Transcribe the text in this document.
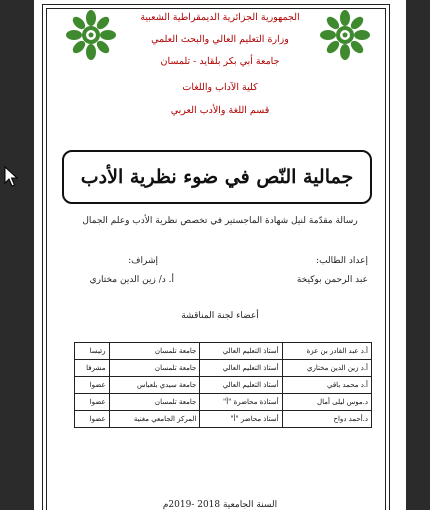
الجمهورية الجزائرية الديمقراطية الشعبية
وزارة التعليم العالي والبحث العلمي
جامعة أبي بكر بلقايد - تلمسان
كلية الآداب واللغات
قسم اللغة والأدب العربي
جمالية النّص في ضوء نظرية الأدب
رسالة مقدّمة لنيل شهادة الماجستير في تخصص نظرية الأدب وعلم الجمال
إعداد الطالب:
عبد الرحمن بوكيخة
إشراف:
أ. د/ زين الدين مختاري
أعضاء لجنة المناقشة
أ.د عبد القادر بن عزة	أستاذ التعليم العالي	جامعة تلمسان	رئيسا
أ.د زين الدين مختاري	أستاذ التعليم العالي	جامعة تلمسان	مشرفا
أ.د محمد باقي	أستاذ التعليم العالي	جامعة سيدي بلعباس	عضوا
د.موس ليلى أمال	أستاذة محاضرة "أ"	جامعة تلمسان	عضوا
د.أحمد دواح	أستاذ محاضر "أ"	المركز الجامعي مغنية	عضوا
السنة الجامعية 2018 -2019م
